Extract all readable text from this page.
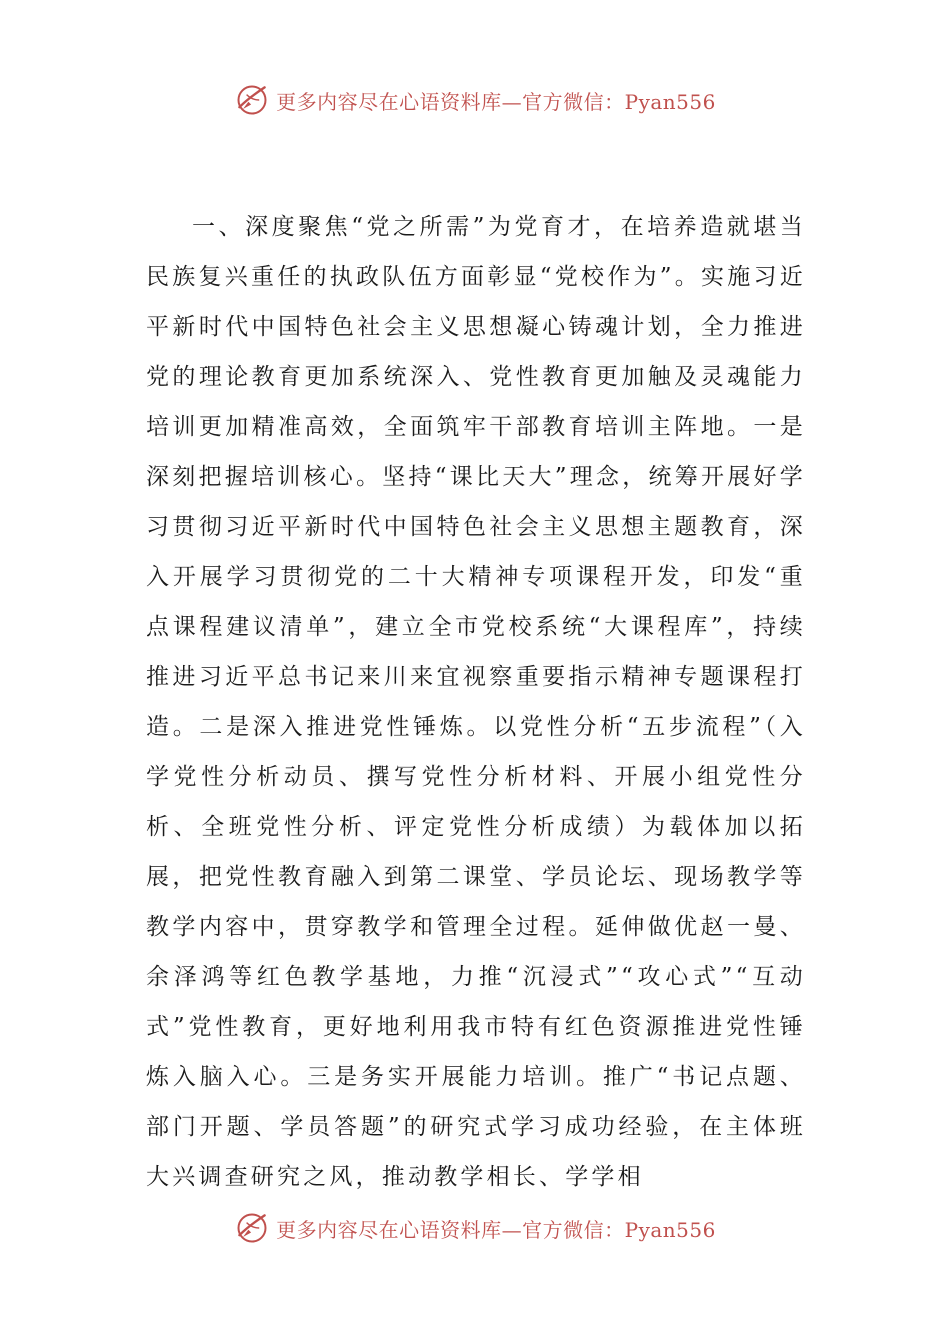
更多内容尽在心语资料库—官方微信：Pyan556

一、深度聚焦“党之所需”为党育才，在培养造就堪当民族复兴重任的执政队伍方面彰显“党校作为”。实施习近平新时代中国特色社会主义思想凝心铸魂计划，全力推进党的理论教育更加系统深入、党性教育更加触及灵魂能力培训更加精准高效，全面筑牢干部教育培训主阵地。一是深刻把握培训核心。坚持“课比天大”理念，统筹开展好学习贯彻习近平新时代中国特色社会主义思想主题教育，深入开展学习贯彻党的二十大精神专项课程开发，印发“重点课程建议清单”，建立全市党校系统“大课程库”，持续推进习近平总书记来川来宜视察重要指示精神专题课程打造。二是深入推进党性锤炼。以党性分析“五步流程”（入学党性分析动员、撰写党性分析材料、开展小组党性分析、全班党性分析、评定党性分析成绩）为载体加以拓展，把党性教育融入到第二课堂、学员论坛、现场教学等教学内容中，贯穿教学和管理全过程。延伸做优赵一曼、余泽鸿等红色教学基地，力推“沉浸式”“攻心式”“互动式”党性教育，更好地利用我市特有红色资源推进党性锤炼入脑入心。三是务实开展能力培训。推广“书记点题、部门开题、学员答题”的研究式学习成功经验，在主体班大兴调查研究之风，推动教学相长、学学相

更多内容尽在心语资料库—官方微信：Pyan556
